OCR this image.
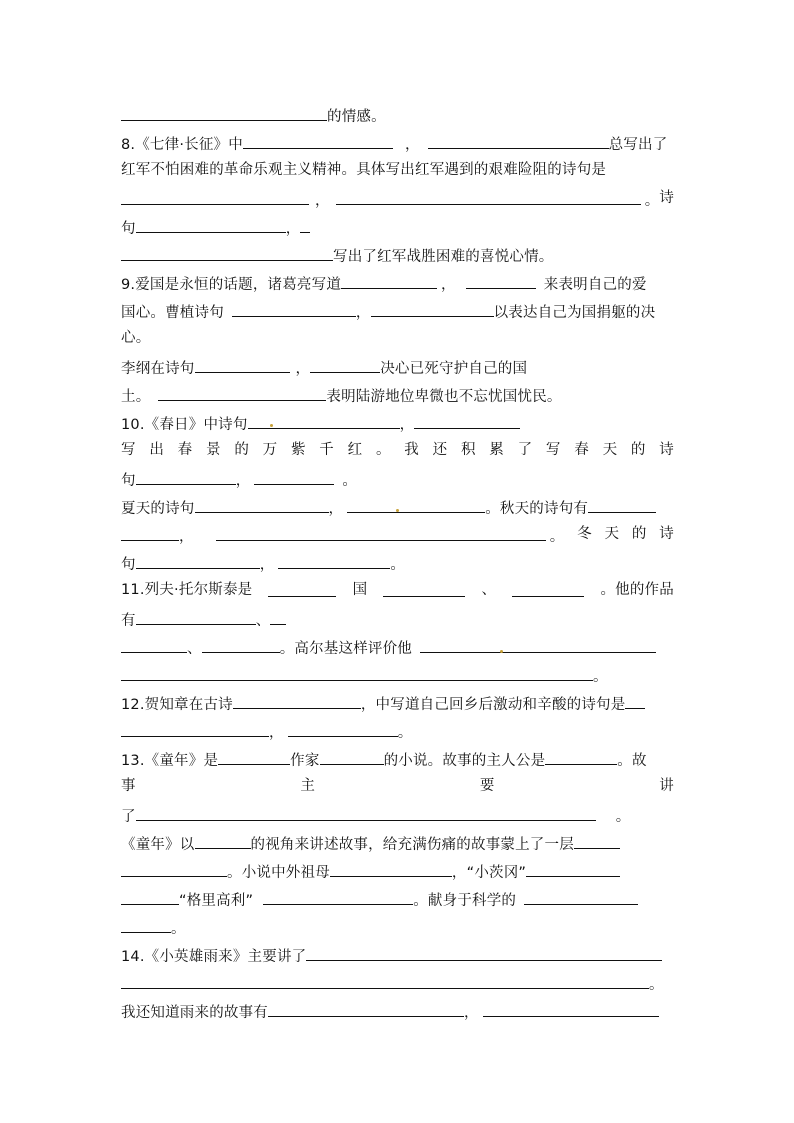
的情感。
8.《七律·长征》中	，	总写出了
红军不怕困难的革命乐观主义精神。具体写出红军遇到的艰难险阻的诗句是
，	。 诗
句	，
写出了红军战胜困难的喜悦心情。
9.爱国是永恒的话题，诸葛亮写道	，	来表明自己的爱
国心。曹植诗句	，	以表达自己为国捐躯的决
心。
李纲在诗句	，	决心已死守护自己的国
土。	表明陆游地位卑微也不忘忧国忧民。
10.《春日》中诗句	，
写 出 春 景 的 万 紫 千 红 。 我 还 积 累 了 写 春 天 的 诗
句	，	。
夏天的诗句	，	。秋天的诗句有
，	。 冬 天 的 诗
句	，	。
11.列夫·托尔斯泰是	国	、	。他的作品
有	、
、	。高尔基这样评价他
。
12.贺知章在古诗	，中写道自己回乡后激动和辛酸的诗句是
，	。
13.《童年》是	作家	的小说。故事的主人公是	。故
事	主	要	讲
了	。
《童年》以	的视角来讲述故事，给充满伤痛的故事蒙上了一层
。小说中外祖母	，“小茨冈”
“格里高利”	。献身于科学的
。
14.《小英雄雨来》主要讲了
。
我还知道雨来的故事有	，
